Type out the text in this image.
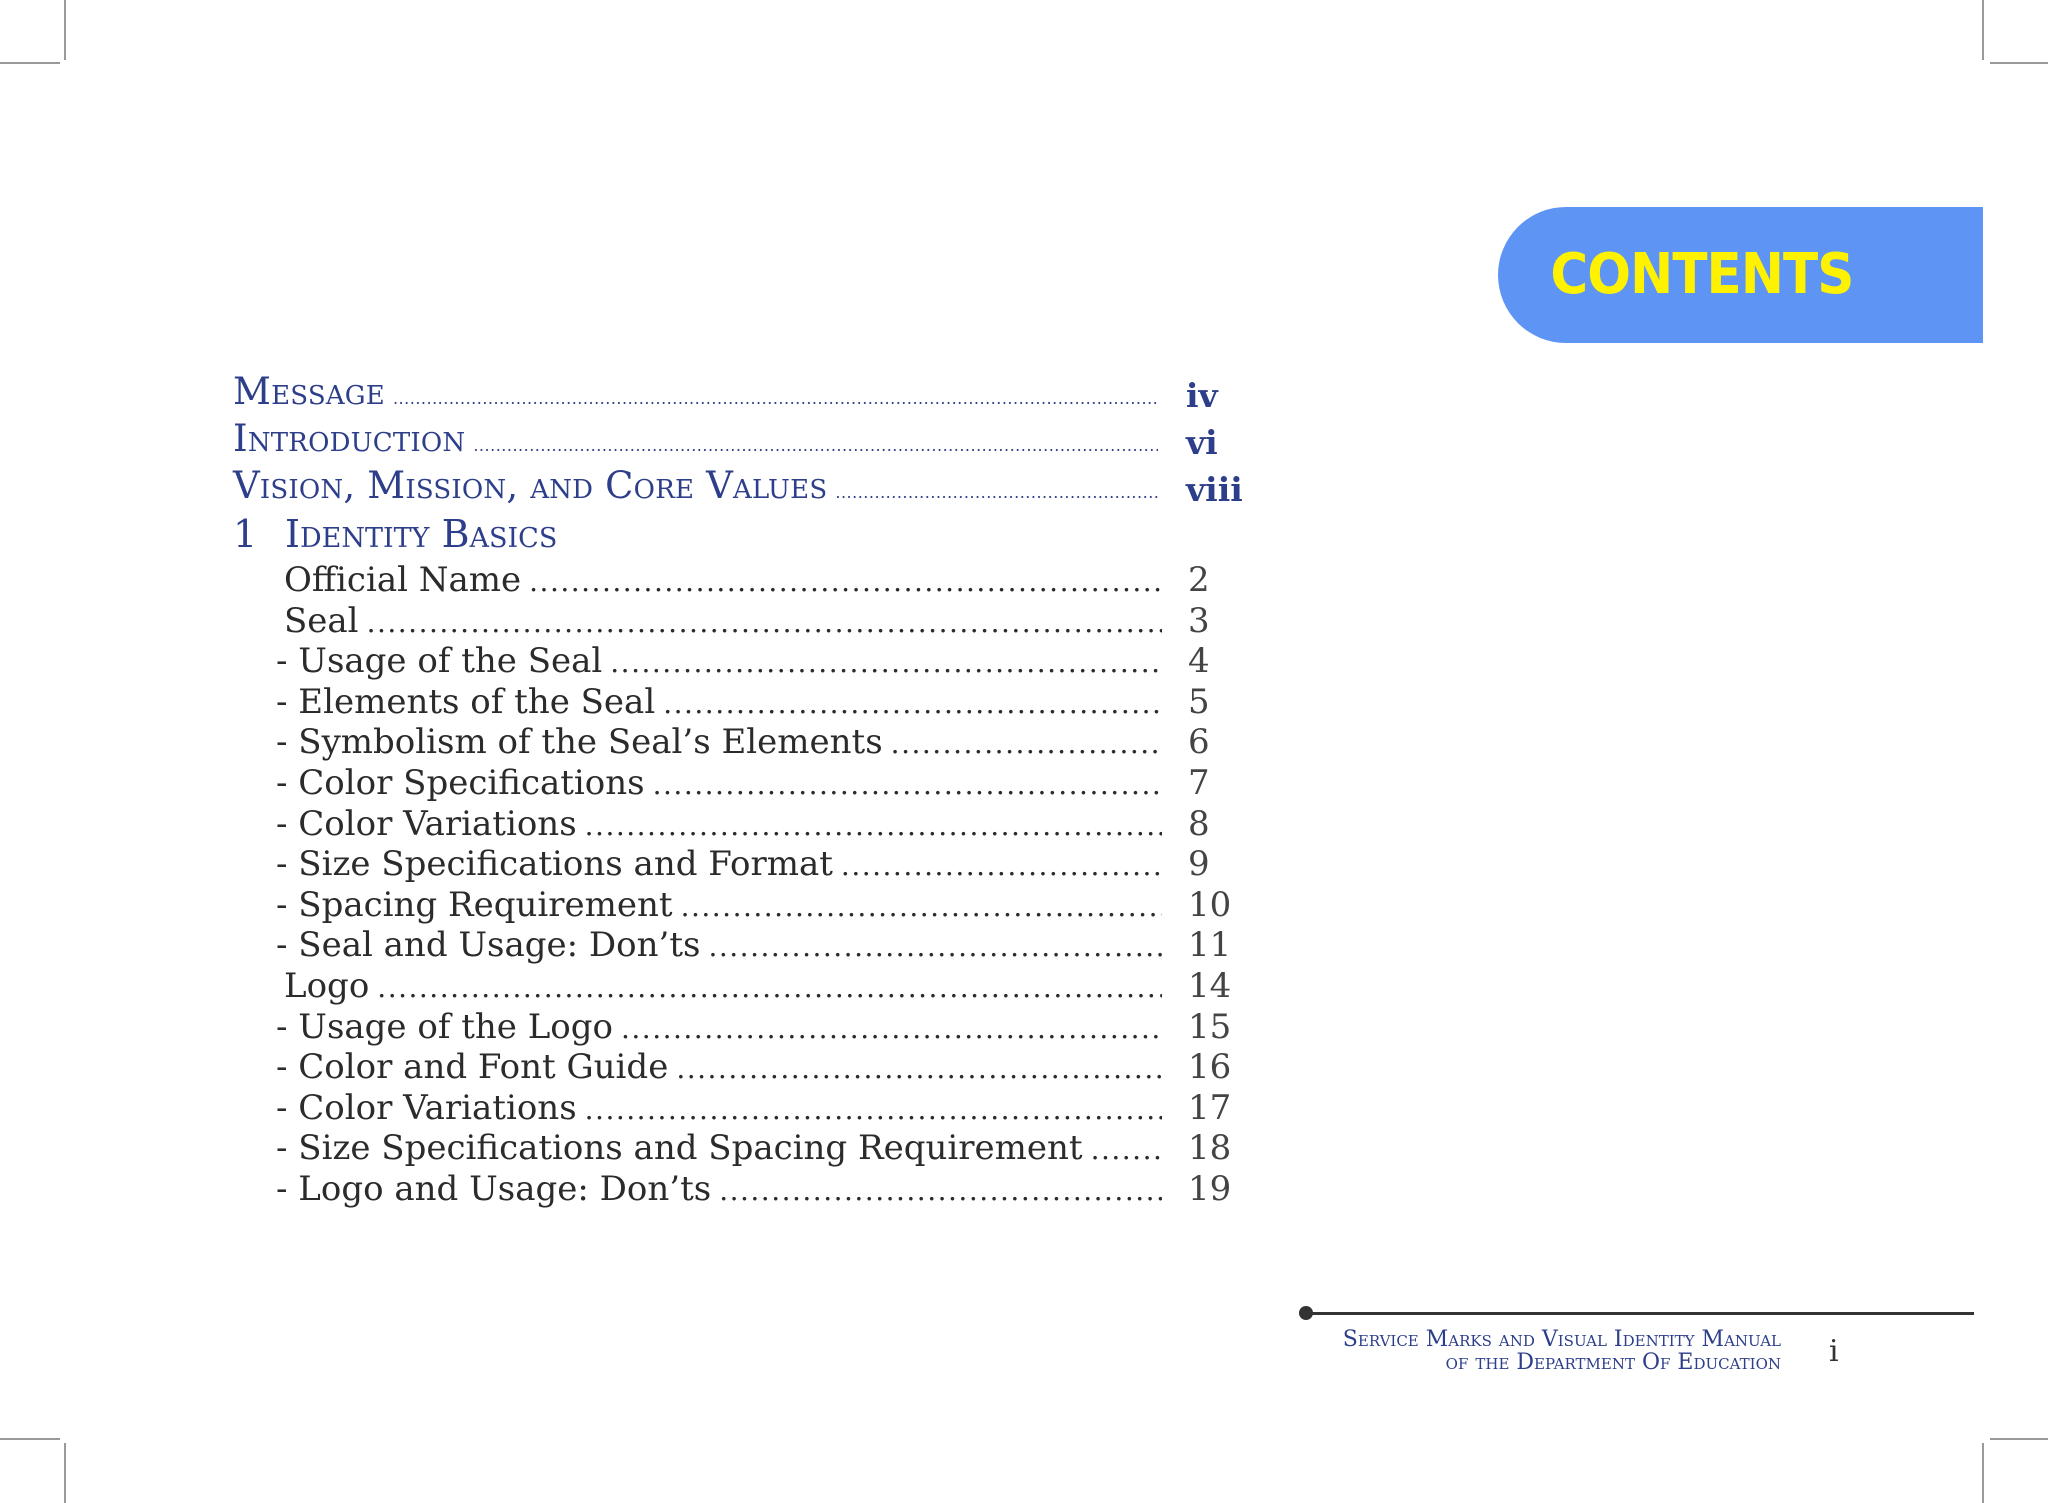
CONTENTS
Message .....	iv
Introduction .....	vi
Vision, Mission, and Core Values .....	viii
Official Name .....	2
Seal .....	3
- Usage of the Seal .....	4
- Elements of the Seal .....	5
- Symbolism of the Seal’s Elements .....	6
- Color Specifications .....	7
- Color Variations .....	8
- Size Specifications and Format .....	9
- Spacing Requirement .....	10
- Seal and Usage: Don’ts .....	11
Logo .....	14
- Usage of the Logo .....	15
- Color and Font Guide .....	16
- Color Variations .....	17
- Size Specifications and Spacing Requirement .....	18
- Logo and Usage: Don’ts .....	19
1 Identity Basics
Service Marks and Visual Identity Manual
of the Department Of Education i
